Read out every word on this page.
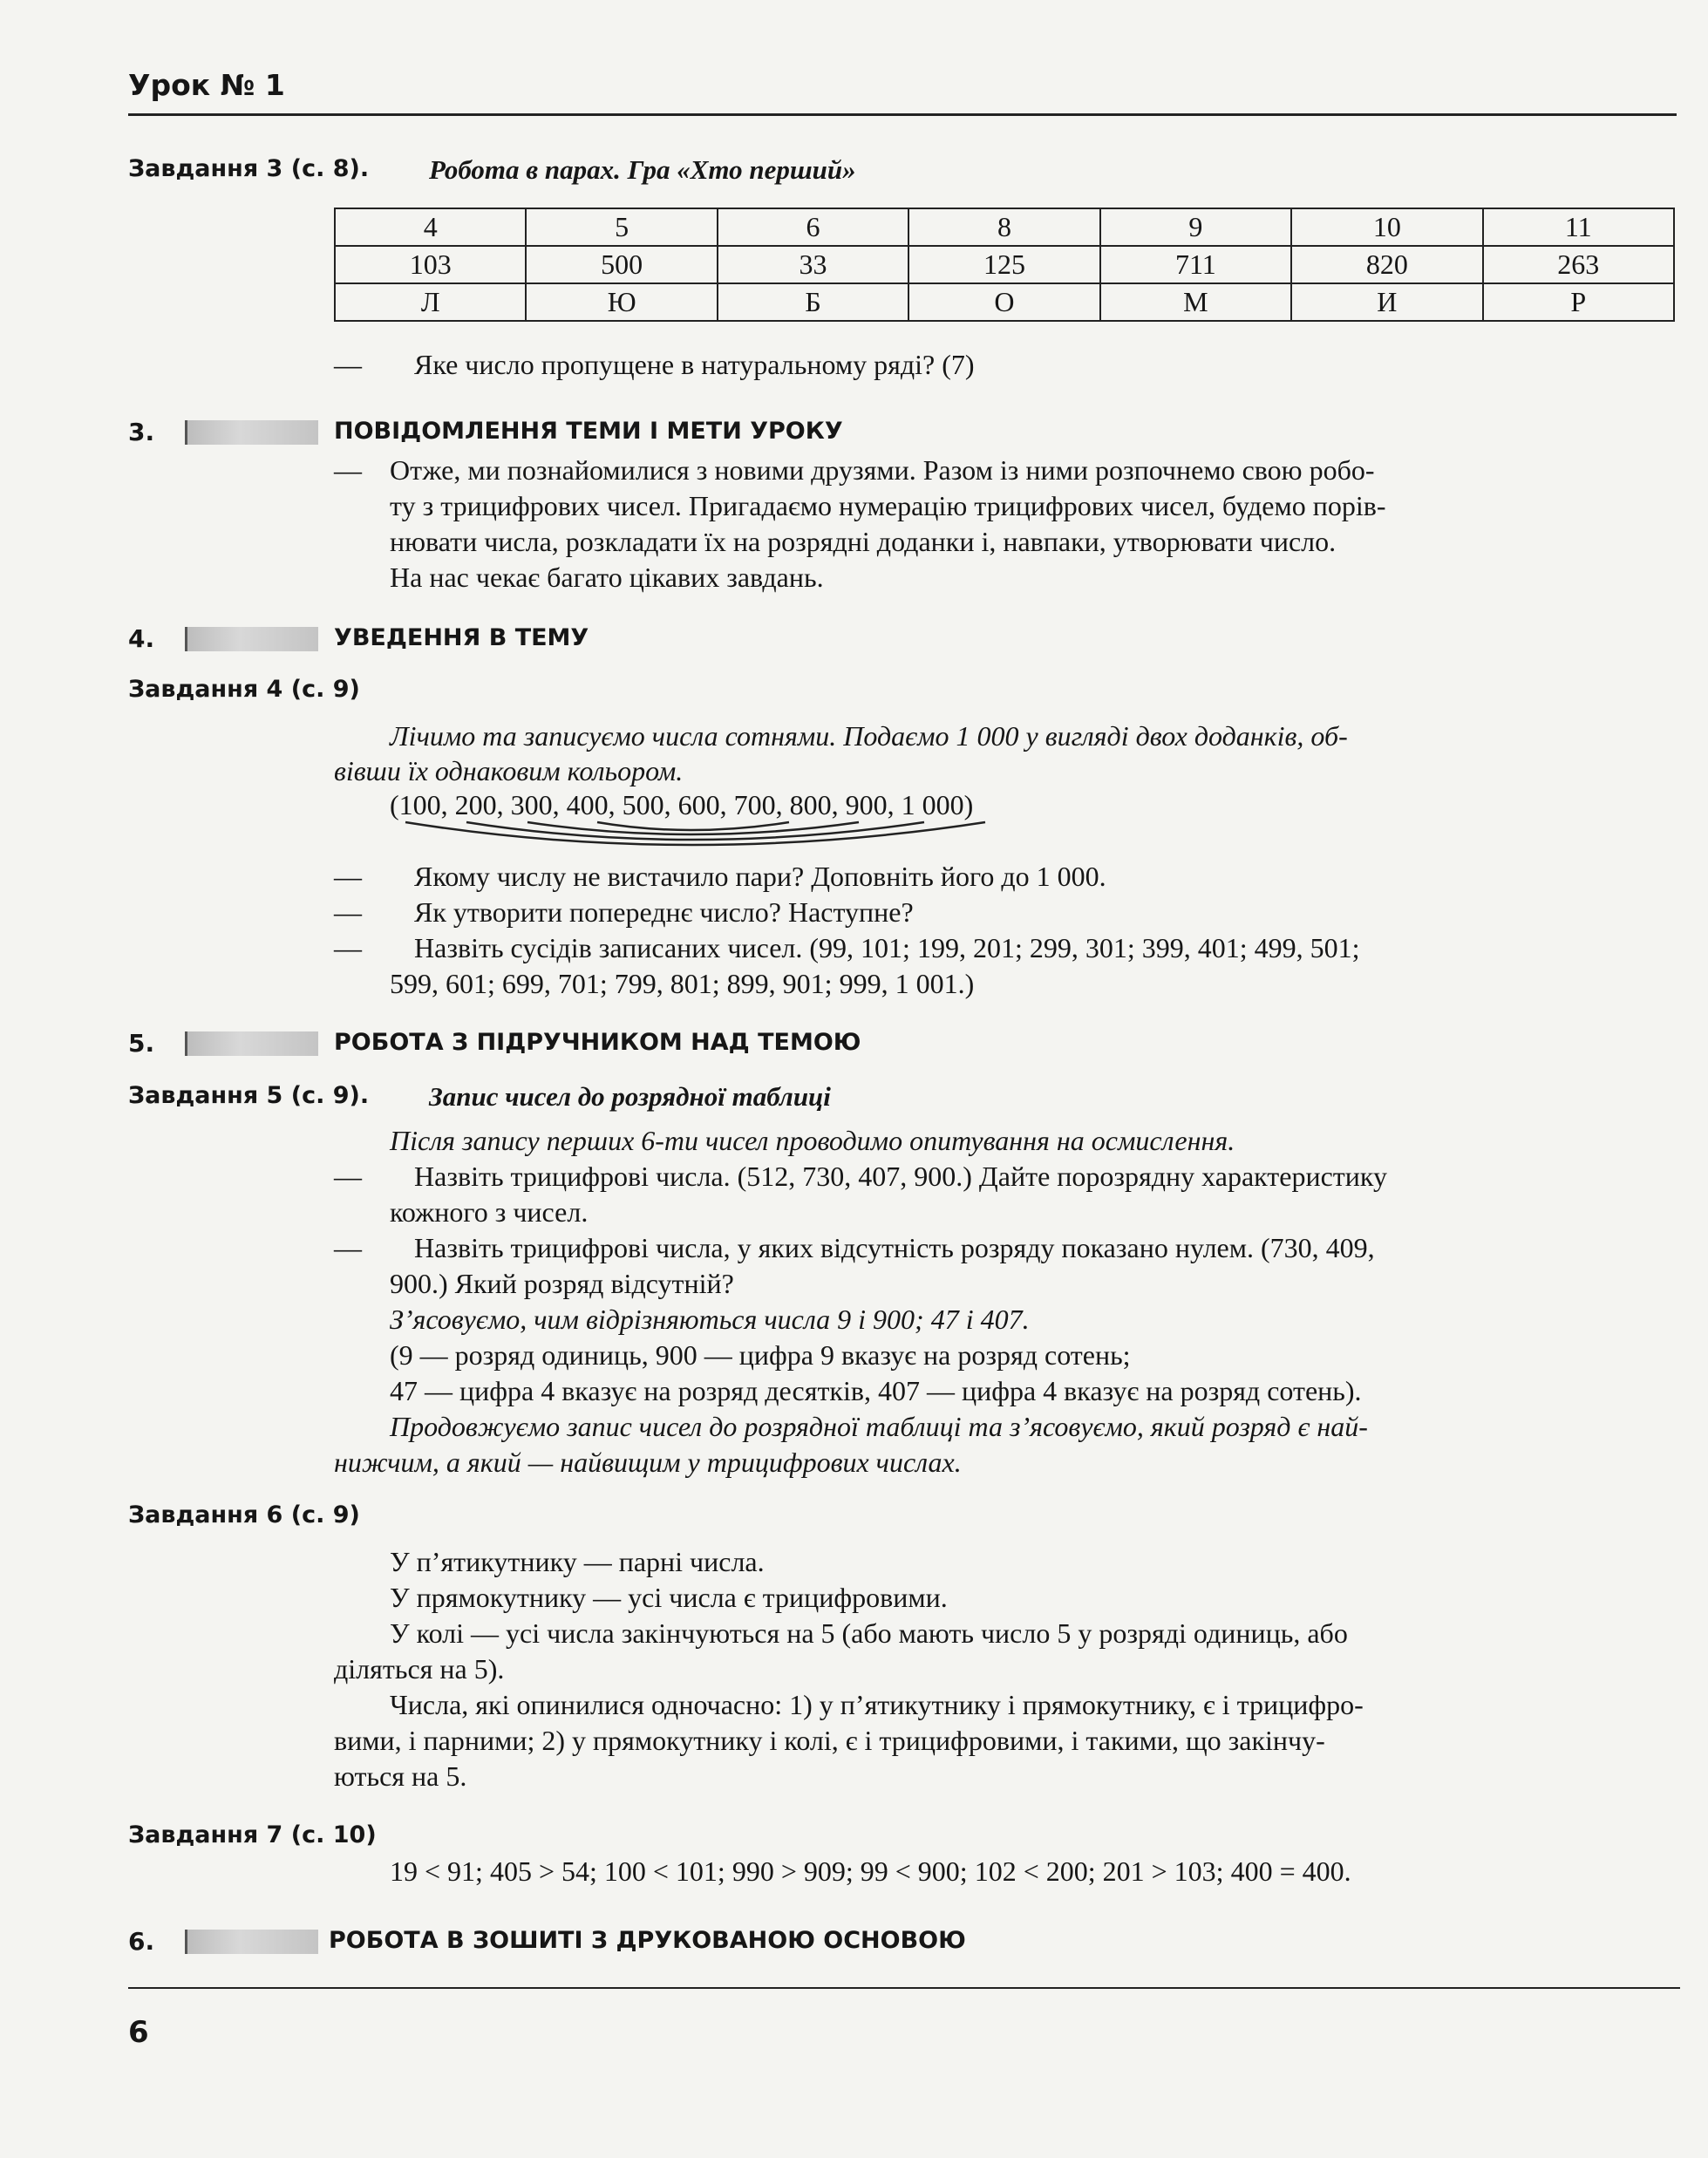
Урок № 1
Завдання 3 (с. 8). Робота в парах. Гра «Хто перший»
4	5	6	8	9	10	11
103	500	33	125	711	820	263
Л	Ю	Б	О	М	И	Р
— Яке число пропущене в натуральному ряді? (7)
3.	ПОВІДОМЛЕННЯ ТЕМИ І МЕТИ УРОКУ
— Отже, ми познайомилися з новими друзями. Разом із ними розпочнемо свою робо-
ту з трицифрових чисел. Пригадаємо нумерацію трицифрових чисел, будемо порів-
нювати числа, розкладати їх на розрядні доданки і, навпаки, утворювати число.
На нас чекає багато цікавих завдань.
4.	УВЕДЕННЯ В ТЕМУ
Завдання 4 (с. 9)
Лічимо та записуємо числа сотнями. Подаємо 1 000 у вигляді двох доданків, об-
вівши їх однаковим кольором.
(100, 200, 300, 400, 500, 600, 700, 800, 900, 1 000)
— Якому числу не вистачило пари? Доповніть його до 1 000.
— Як утворити попереднє число? Наступне?
— Назвіть сусідів записаних чисел. (99, 101; 199, 201; 299, 301; 399, 401; 499, 501;
599, 601; 699, 701; 799, 801; 899, 901; 999, 1 001.)
5.	РОБОТА З ПІДРУЧНИКОМ НАД ТЕМОЮ
Завдання 5 (с. 9). Запис чисел до розрядної таблиці
Після запису перших 6-ти чисел проводимо опитування на осмислення.
— Назвіть трицифрові числа. (512, 730, 407, 900.) Дайте порозрядну характеристику
кожного з чисел.
— Назвіть трицифрові числа, у яких відсутність розряду показано нулем. (730, 409,
900.) Який розряд відсутній?
З’ясовуємо, чим відрізняються числа 9 і 900; 47 і 407.
(9 — розряд одиниць, 900 — цифра 9 вказує на розряд сотень;
47 — цифра 4 вказує на розряд десятків, 407 — цифра 4 вказує на розряд сотень).
Продовжуємо запис чисел до розрядної таблиці та з’ясовуємо, який розряд є най-
нижчим, а який — найвищим у трицифрових числах.
Завдання 6 (с. 9)
У п’ятикутнику — парні числа.
У прямокутнику — усі числа є трицифровими.
У колі — усі числа закінчуються на 5 (або мають число 5 у розряді одиниць, або
діляться на 5).
Числа, які опинилися одночасно: 1) у п’ятикутнику і прямокутнику, є і трицифро-
вими, і парними; 2) у прямокутнику і колі, є і трицифровими, і такими, що закінчу-
ються на 5.
Завдання 7 (с. 10)
19 < 91; 405 > 54; 100 < 101; 990 > 909; 99 < 900; 102 < 200; 201 > 103; 400 = 400.
6.	РОБОТА В ЗОШИТІ З ДРУКОВАНОЮ ОСНОВОЮ
6
